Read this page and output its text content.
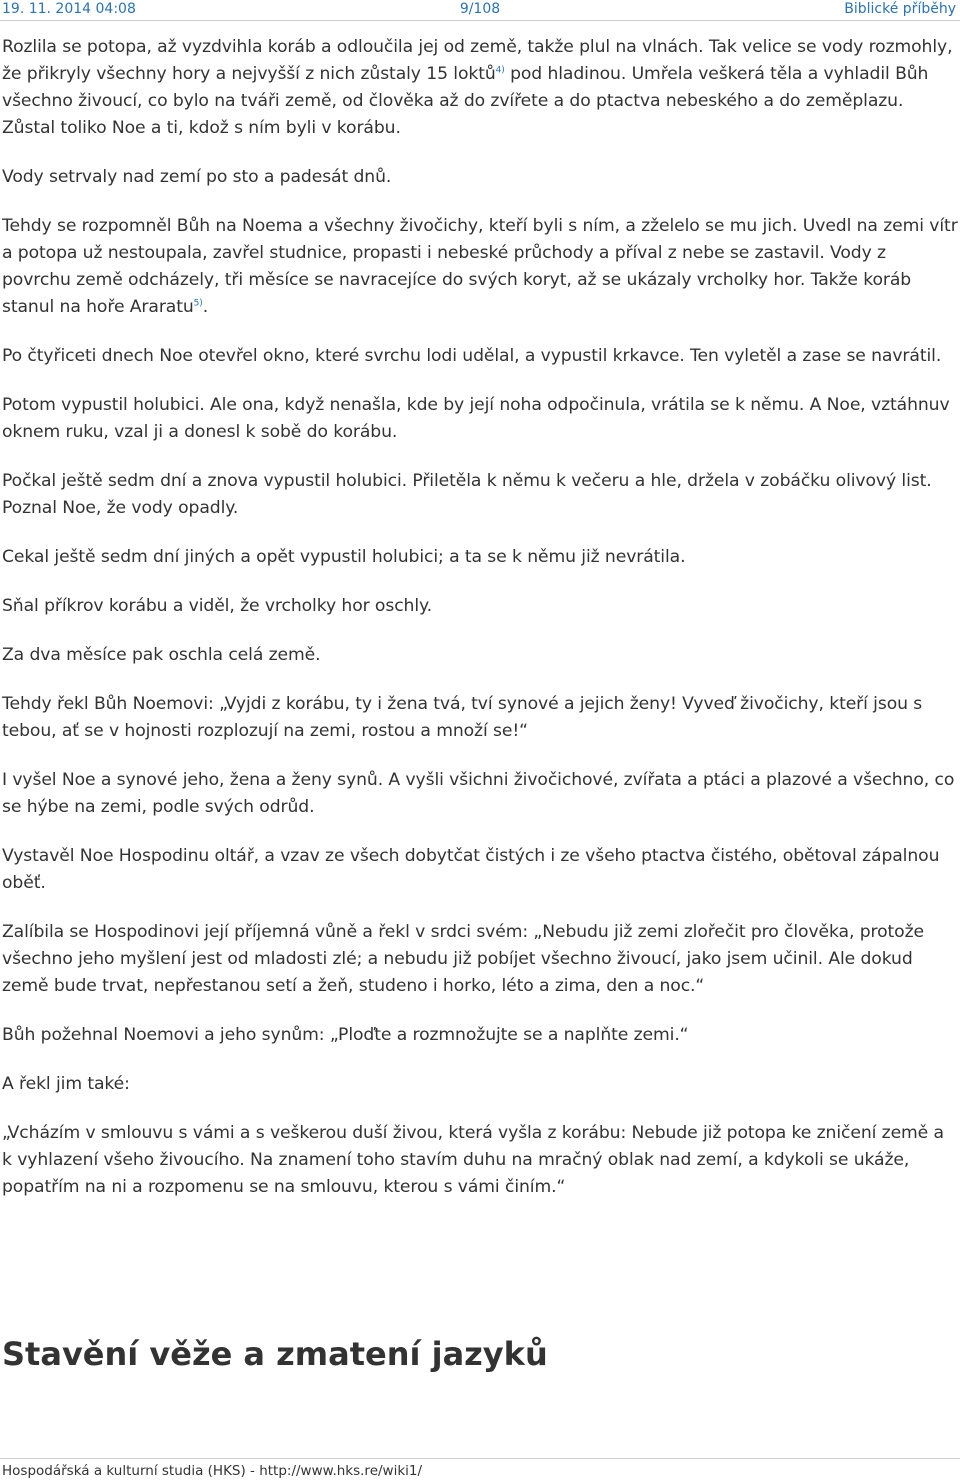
19. 11. 2014 04:08	9/108	Biblické příběhy

Rozlila se potopa, až vyzdvihla koráb a odloučila jej od země, takže plul na vlnách. Tak velice se vody rozmohly, že přikryly všechny hory a nejvyšší z nich zůstaly 15 loktů$^{4)}$ pod hladinou. Umřela veškerá těla a vyhladil Bůh všechno živoucí, co bylo na tváři země, od člověka až do zvířete a do ptactva nebeského a do zeměplazu. Zůstal toliko Noe a ti, kdož s ním byli v korábu.

Vody setrvaly nad zemí po sto a padesát dnů.

Tehdy se rozpomněl Bůh na Noema a všechny živočichy, kteří byli s ním, a zželelo se mu jich. Uvedl na zemi vítr a potopa už nestoupala, zavřel studnice, propasti i nebeské průchody a příval z nebe se zastavil. Vody z povrchu země odcházely, tři měsíce se navracejíce do svých koryt, až se ukázaly vrcholky hor. Takže koráb stanul na hoře Araratu$^{5)}$.

Po čtyřiceti dnech Noe otevřel okno, které svrchu lodi udělal, a vypustil krkavce. Ten vyletěl a zase se navrátil.

Potom vypustil holubici. Ale ona, když nenašla, kde by její noha odpočinula, vrátila se k němu. A Noe, vztáhnuv oknem ruku, vzal ji a donesl k sobě do korábu.

Počkal ještě sedm dní a znova vypustil holubici. Přiletěla k němu k večeru a hle, držela v zobáčku olivový list. Poznal Noe, že vody opadly.

Cekal ještě sedm dní jiných a opět vypustil holubici; a ta se k němu již nevrátila.

Sňal příkrov korábu a viděl, že vrcholky hor oschly.

Za dva měsíce pak oschla celá země.

Tehdy řekl Bůh Noemovi: „Vyjdi z korábu, ty i žena tvá, tví synové a jejich ženy! Vyveď živočichy, kteří jsou s tebou, ať se v hojnosti rozplozují na zemi, rostou a množí se!“

I vyšel Noe a synové jeho, žena a ženy synů. A vyšli všichni živočichové, zvířata a ptáci a plazové a všechno, co se hýbe na zemi, podle svých odrůd.

Vystavěl Noe Hospodinu oltář, a vzav ze všech dobytčat čistých i ze všeho ptactva čistého, obětoval zápalnou oběť.

Zalíbila se Hospodinovi její příjemná vůně a řekl v srdci svém: „Nebudu již zemi zlořečit pro člověka, protože všechno jeho myšlení jest od mladosti zlé; a nebudu již pobíjet všechno živoucí, jako jsem učinil. Ale dokud země bude trvat, nepřestanou setí a žeň, studeno i horko, léto a zima, den a noc.“

Bůh požehnal Noemovi a jeho synům: „Ploďte a rozmnožujte se a naplňte zemi.“

A řekl jim také:

„Vcházím v smlouvu s vámi a s veškerou duší živou, která vyšla z korábu: Nebude již potopa ke zničení země a k vyhlazení všeho živoucího. Na znamení toho stavím duhu na mračný oblak nad zemí, a kdykoli se ukáže, popatřím na ni a rozpomenu se na smlouvu, kterou s vámi činím.“

Stavění věže a zmatení jazyků
Hospodářská a kulturní studia (HKS) - http://www.hks.re/wiki1/
